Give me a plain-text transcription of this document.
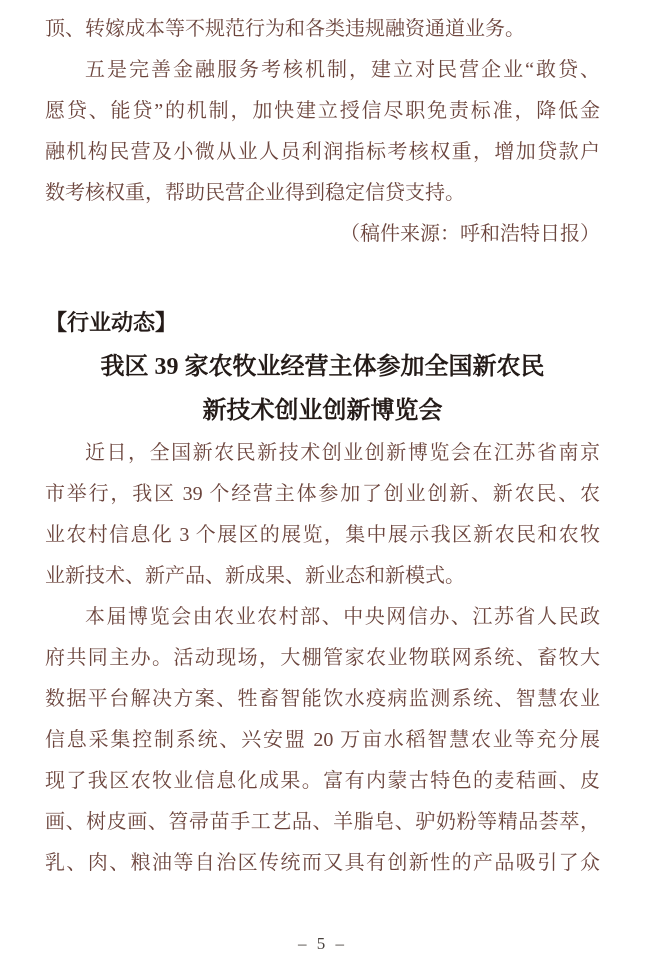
顶、转嫁成本等不规范行为和各类违规融资通道业务。
五是完善金融服务考核机制，建立对民营企业“敢贷、
愿贷、能贷”的机制，加快建立授信尽职免责标准，降低金
融机构民营及小微从业人员利润指标考核权重，增加贷款户
数考核权重，帮助民营企业得到稳定信贷支持。
（稿件来源：呼和浩特日报）
【行业动态】
我区 39 家农牧业经营主体参加全国新农民
新技术创业创新博览会
近日，全国新农民新技术创业创新博览会在江苏省南京
市举行，我区 39 个经营主体参加了创业创新、新农民、农
业农村信息化 3 个展区的展览，集中展示我区新农民和农牧
业新技术、新产品、新成果、新业态和新模式。
本届博览会由农业农村部、中央网信办、江苏省人民政
府共同主办。活动现场，大棚管家农业物联网系统、畜牧大
数据平台解决方案、牲畜智能饮水疫病监测系统、智慧农业
信息采集控制系统、兴安盟 20 万亩水稻智慧农业等充分展
现了我区农牧业信息化成果。富有内蒙古特色的麦秸画、皮
画、树皮画、笤帚苗手工艺品、羊脂皂、驴奶粉等精品荟萃，
乳、肉、粮油等自治区传统而又具有创新性的产品吸引了众
– 5 –
